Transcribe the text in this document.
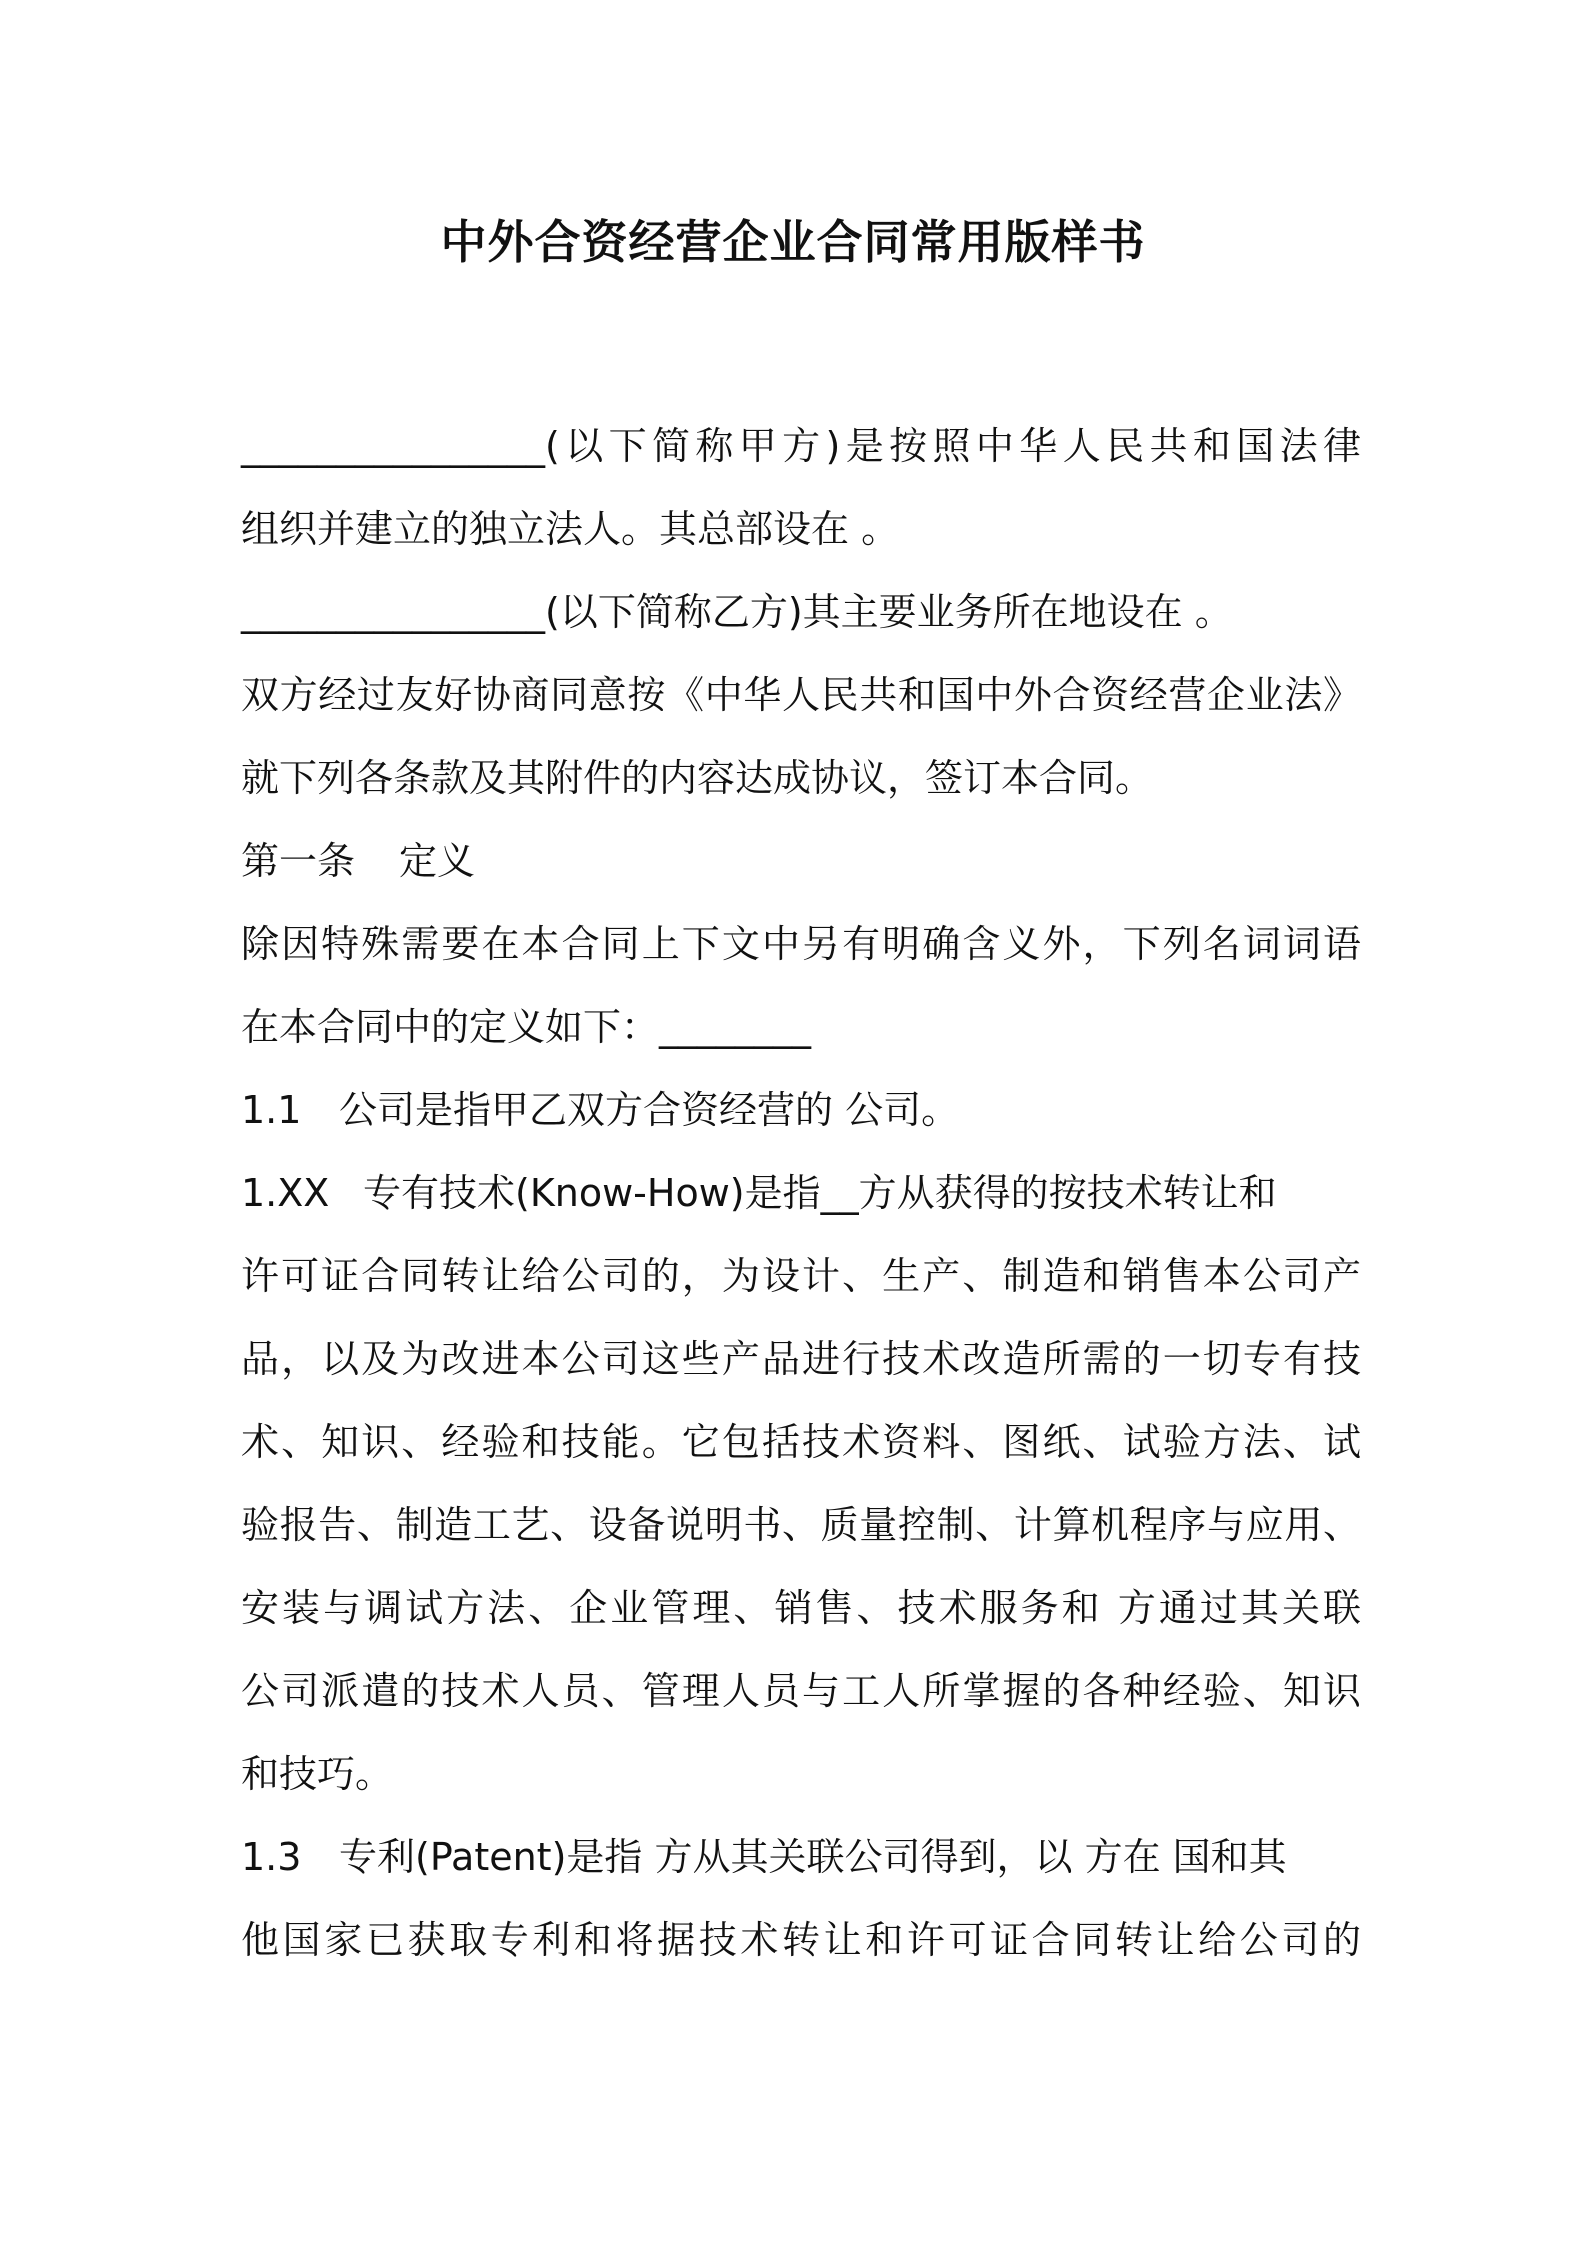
中外合资经营企业合同常用版样书
________________(以下简称甲方)是按照中华人民共和国法律
组织并建立的独立法人。其总部设在 。
________________(以下简称乙方)其主要业务所在地设在 。
双方经过友好协商同意按《中华人民共和国中外合资经营企业法》
就下列各条款及其附件的内容达成协议，签订本合同。
第一条 定义
除因特殊需要在本合同上下文中另有明确含义外，下列名词词语
在本合同中的定义如下：________
1.1 公司是指甲乙双方合资经营的 公司。
1.XX 专有技术(Know-How)是指__方从获得的按技术转让和
许可证合同转让给公司的，为设计、生产、制造和销售本公司产
品，以及为改进本公司这些产品进行技术改造所需的一切专有技
术、知识、经验和技能。它包括技术资料、图纸、试验方法、试
验报告、制造工艺、设备说明书、质量控制、计算机程序与应用、
安装与调试方法、企业管理、销售、技术服务和 方通过其关联
公司派遣的技术人员、管理人员与工人所掌握的各种经验、知识
和技巧。
1.3 专利(Patent)是指 方从其关联公司得到，以 方在 国和其
他国家已获取专利和将据技术转让和许可证合同转让给公司的
